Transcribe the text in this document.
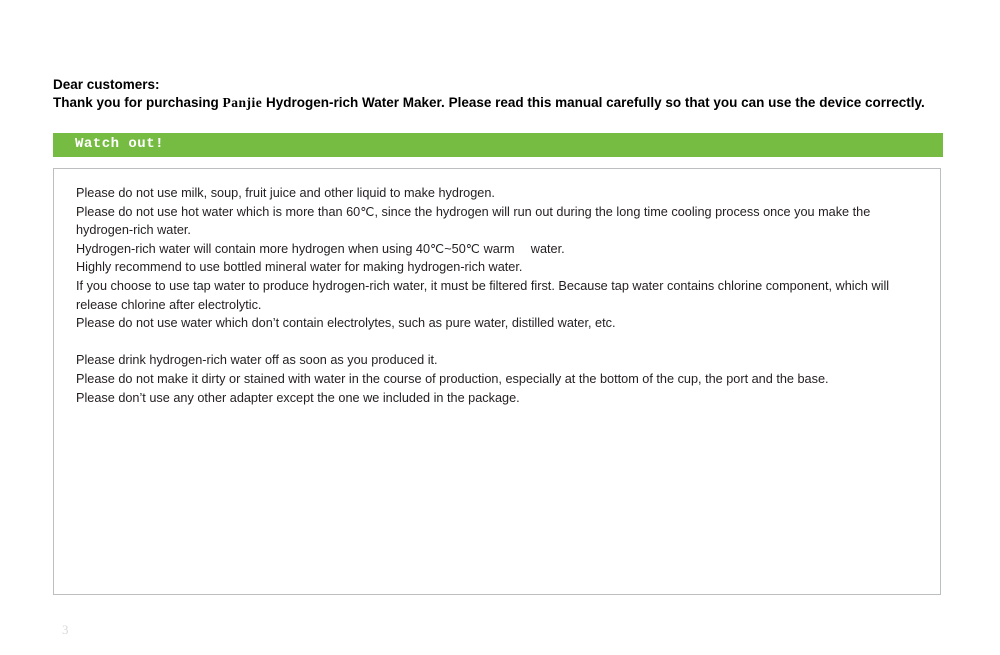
Dear customers:
Thank you for purchasing Panjie Hydrogen-rich Water Maker. Please read this manual carefully so that you can use the device correctly.
Watch out!

Please do not use milk, soup, fruit juice and other liquid to make hydrogen.

Please do not use hot water which is more than 60℃, since the hydrogen will run out during the long time cooling process once you make the hydrogen-rich water.

Hydrogen-rich water will contain more hydrogen when using 40℃~50℃ warm　 water.

Highly recommend to use bottled mineral water for making hydrogen-rich water.

If you choose to use tap water to produce hydrogen-rich water, it must be filtered first. Because tap water contains chlorine component, which will release chlorine after electrolytic.

Please do not use water which don’t contain electrolytes, such as pure water, distilled water, etc.

Please drink hydrogen-rich water off as soon as you produced it.

Please do not make it dirty or stained with water in the course of production, especially at the bottom of the cup, the port and the base.

Please don’t use any other adapter except the one we included in the package.

3
